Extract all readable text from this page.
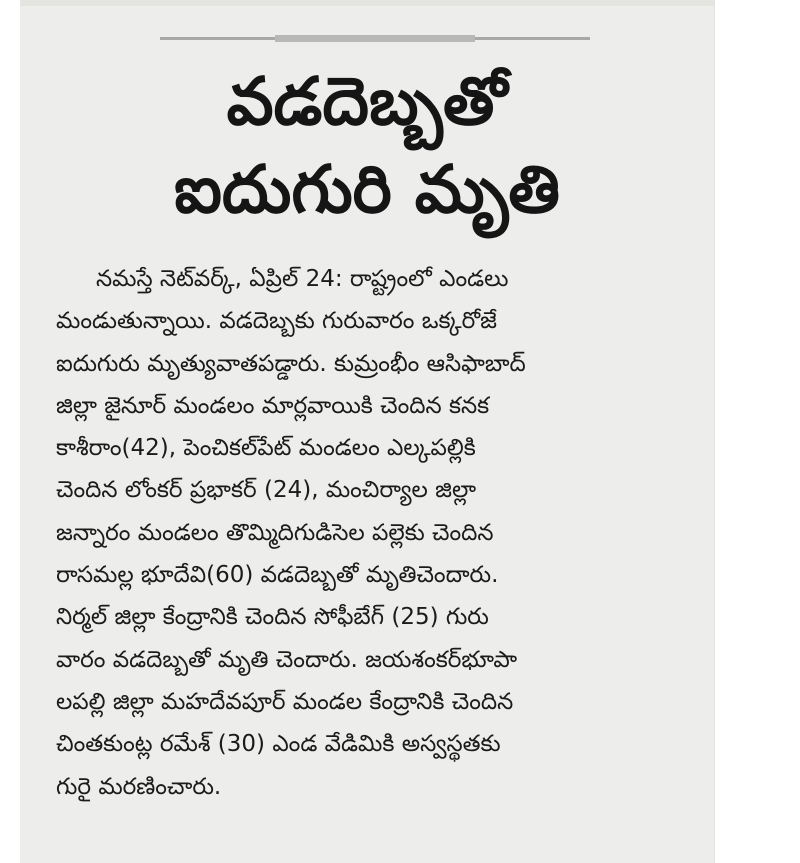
వడదెబ్బతో
ఐదుగురి మృతి
నమస్తే నెట్‌వర్క్, ఏప్రిల్ 24: రాష్ట్రంలో ఎండలు
మండుతున్నాయి. వడదెబ్బకు గురువారం ఒక్కరోజే
ఐదుగురు మృత్యువాతపడ్డారు. కుమ్రంభీం ఆసిఫాబాద్
జిల్లా జైనూర్ మండలం మార్లవాయికి చెందిన కనక
కాశీరాం(42), పెంచికల్‌పేట్ మండలం ఎల్కపల్లికి
చెందిన లోంకర్ ప్రభాకర్ (24), మంచిర్యాల జిల్లా
జన్నారం మండలం తొమ్మిదిగుడిసెల పల్లెకు చెందిన
రాసమల్ల భూదేవి(60) వడదెబ్బతో మృతిచెందారు.
నిర్మల్ జిల్లా కేంద్రానికి చెందిన సోఫీబేగ్ (25) గురు
వారం వడదెబ్బతో మృతి చెందారు. జయశంకర్‌భూపా
లపల్లి జిల్లా మహదేవపూర్ మండల కేంద్రానికి చెందిన
చింతకుంట్ల రమేశ్ (30) ఎండ వేడిమికి అస్వస్థతకు
గురై మరణించారు.
